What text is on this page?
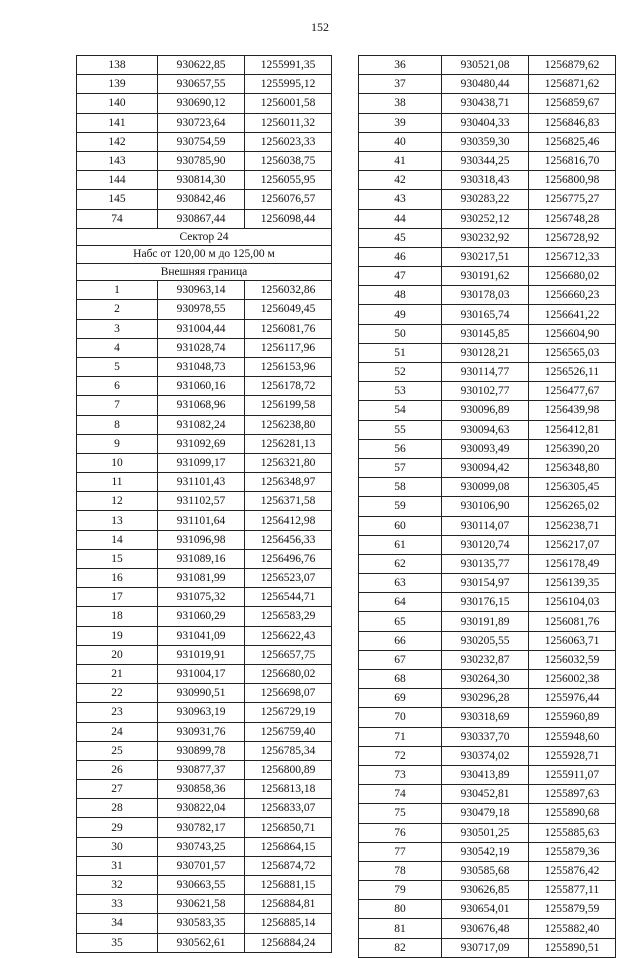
152
138	930622,85	1255991,35
139	930657,55	1255995,12
140	930690,12	1256001,58
141	930723,64	1256011,32
142	930754,59	1256023,33
143	930785,90	1256038,75
144	930814,30	1256055,95
145	930842,46	1256076,57
74	930867,44	1256098,44
Сектор 24		
Набс от 120,00 м до 125,00 м		
Внешняя граница		
1	930963,14	1256032,86
2	930978,55	1256049,45
3	931004,44	1256081,76
4	931028,74	1256117,96
5	931048,73	1256153,96
6	931060,16	1256178,72
7	931068,96	1256199,58
8	931082,24	1256238,80
9	931092,69	1256281,13
10	931099,17	1256321,80
11	931101,43	1256348,97
12	931102,57	1256371,58
13	931101,64	1256412,98
14	931096,98	1256456,33
15	931089,16	1256496,76
16	931081,99	1256523,07
17	931075,32	1256544,71
18	931060,29	1256583,29
19	931041,09	1256622,43
20	931019,91	1256657,75
21	931004,17	1256680,02
22	930990,51	1256698,07
23	930963,19	1256729,19
24	930931,76	1256759,40
25	930899,78	1256785,34
26	930877,37	1256800,89
27	930858,36	1256813,18
28	930822,04	1256833,07
29	930782,17	1256850,71
30	930743,25	1256864,15
31	930701,57	1256874,72
32	930663,55	1256881,15
33	930621,58	1256884,81
34	930583,35	1256885,14
35	930562,61	1256884,24
36	930521,08	1256879,62
37	930480,44	1256871,62
38	930438,71	1256859,67
39	930404,33	1256846,83
40	930359,30	1256825,46
41	930344,25	1256816,70
42	930318,43	1256800,98
43	930283,22	1256775,27
44	930252,12	1256748,28
45	930232,92	1256728,92
46	930217,51	1256712,33
47	930191,62	1256680,02
48	930178,03	1256660,23
49	930165,74	1256641,22
50	930145,85	1256604,90
51	930128,21	1256565,03
52	930114,77	1256526,11
53	930102,77	1256477,67
54	930096,89	1256439,98
55	930094,63	1256412,81
56	930093,49	1256390,20
57	930094,42	1256348,80
58	930099,08	1256305,45
59	930106,90	1256265,02
60	930114,07	1256238,71
61	930120,74	1256217,07
62	930135,77	1256178,49
63	930154,97	1256139,35
64	930176,15	1256104,03
65	930191,89	1256081,76
66	930205,55	1256063,71
67	930232,87	1256032,59
68	930264,30	1256002,38
69	930296,28	1255976,44
70	930318,69	1255960,89
71	930337,70	1255948,60
72	930374,02	1255928,71
73	930413,89	1255911,07
74	930452,81	1255897,63
75	930479,18	1255890,68
76	930501,25	1255885,63
77	930542,19	1255879,36
78	930585,68	1255876,42
79	930626,85	1255877,11
80	930654,01	1255879,59
81	930676,48	1255882,40
82	930717,09	1255890,51
